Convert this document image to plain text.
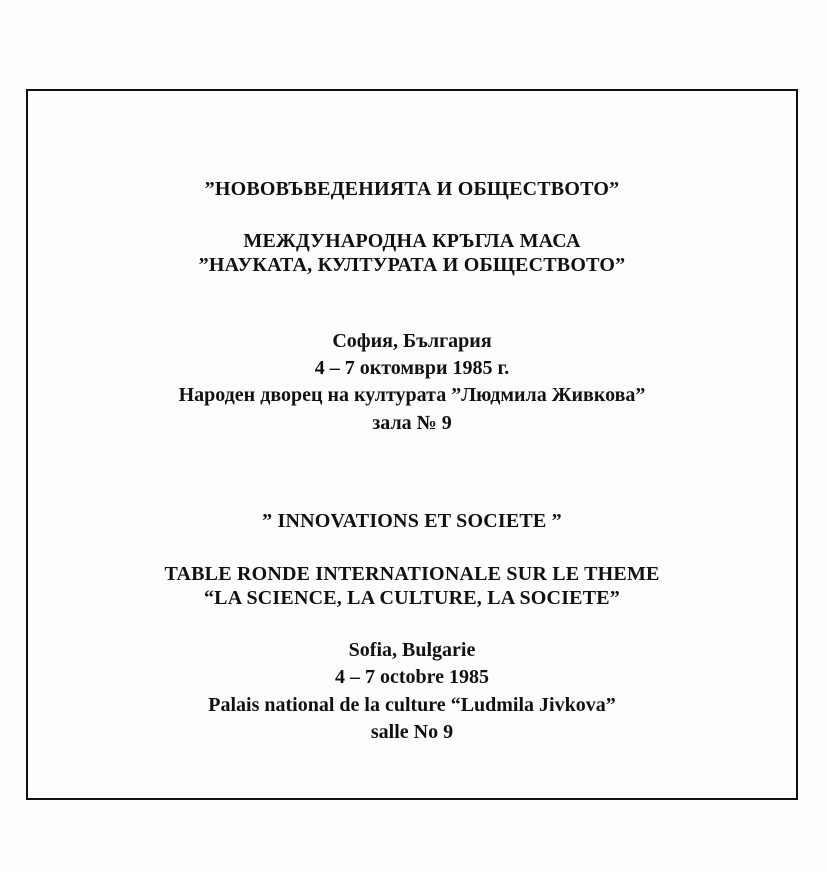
”НОВОВЪВЕДЕНИЯТА И ОБЩЕСТВОТО”
МЕЖДУНАРОДНА КРЪГЛА МАСА
”НАУКАТА, КУЛТУРАТА И ОБЩЕСТВОТО”
София, България
4 – 7 октомври 1985 г.
Народен дворец на културата ”Людмила Живкова”
зала № 9
” INNOVATIONS ET SOCIETE ”
TABLE RONDE INTERNATIONALE SUR LE THEME
“LA SCIENCE, LA CULTURE, LA SOCIETE”
Sofia, Bulgarie
4 – 7 octobre 1985
Palais national de la culture “Ludmila Jivkova”
salle No 9
